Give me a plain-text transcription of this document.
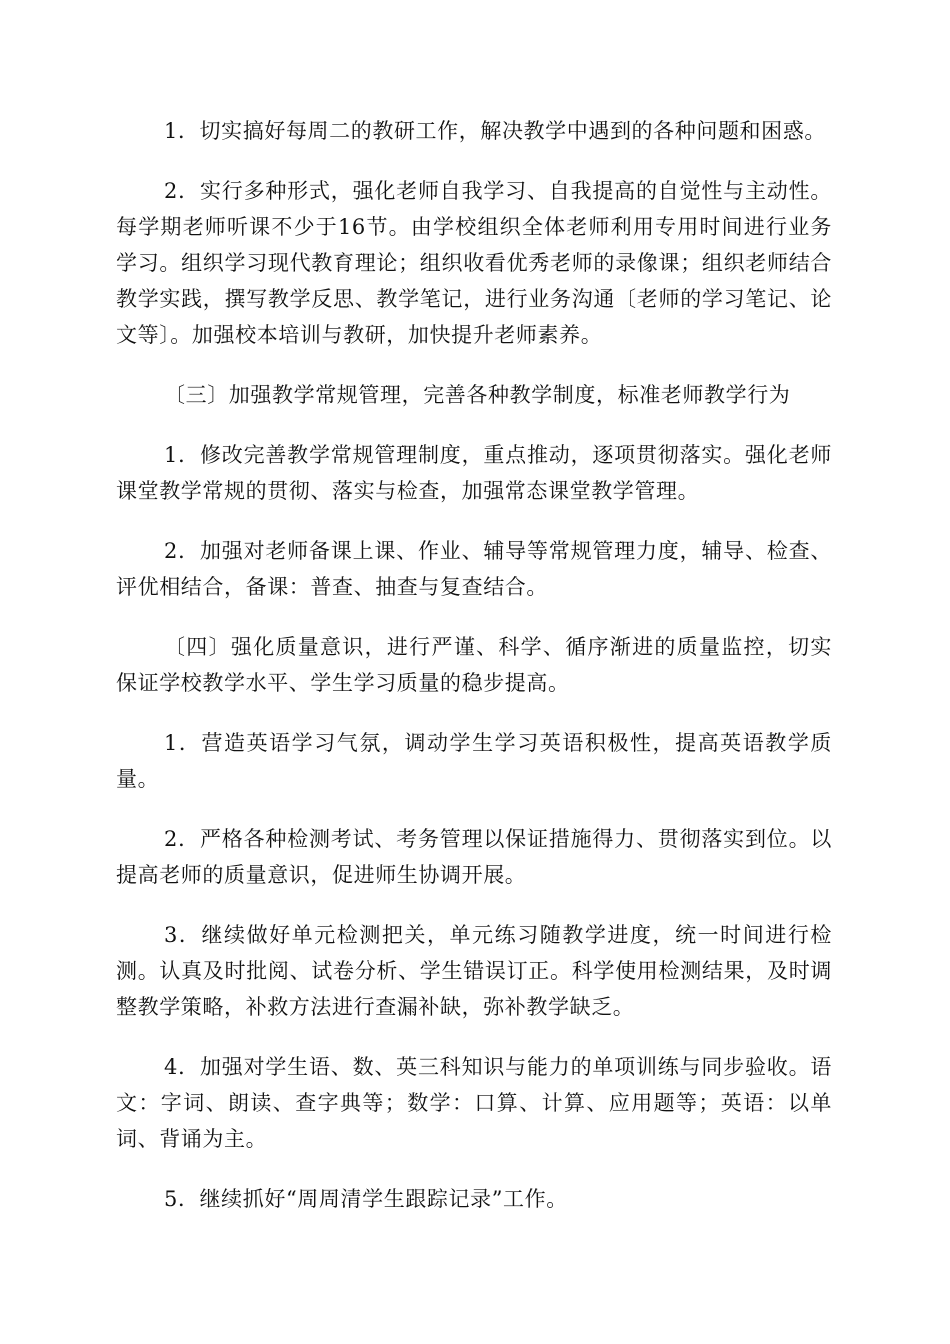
1．切实搞好每周二的教研工作，解决教学中遇到的各种问题和困惑。

2．实行多种形式，强化老师自我学习、自我提高的自觉性与主动性。每学期老师听课不少于16节。由学校组织全体老师利用专用时间进行业务学习。组织学习现代教育理论；组织收看优秀老师的录像课；组织老师结合教学实践，撰写教学反思、教学笔记，进行业务沟通〔老师的学习笔记、论文等〕。加强校本培训与教研，加快提升老师素养。

〔三〕加强教学常规管理，完善各种教学制度，标准老师教学行为

1．修改完善教学常规管理制度，重点推动，逐项贯彻落实。强化老师课堂教学常规的贯彻、落实与检查，加强常态课堂教学管理。

2．加强对老师备课上课、作业、辅导等常规管理力度，辅导、检查、评优相结合，备课：普查、抽查与复查结合。

〔四〕强化质量意识，进行严谨、科学、循序渐进的质量监控，切实保证学校教学水平、学生学习质量的稳步提高。

1．营造英语学习气氛，调动学生学习英语积极性，提高英语教学质量。

2．严格各种检测考试、考务管理以保证措施得力、贯彻落实到位。以提高老师的质量意识，促进师生协调开展。

3．继续做好单元检测把关，单元练习随教学进度，统一时间进行检测。认真及时批阅、试卷分析、学生错误订正。科学使用检测结果，及时调整教学策略，补救方法进行查漏补缺，弥补教学缺乏。

4．加强对学生语、数、英三科知识与能力的单项训练与同步验收。语文：字词、朗读、查字典等；数学：口算、计算、应用题等；英语：以单词、背诵为主。

5．继续抓好“周周清学生跟踪记录”工作。
